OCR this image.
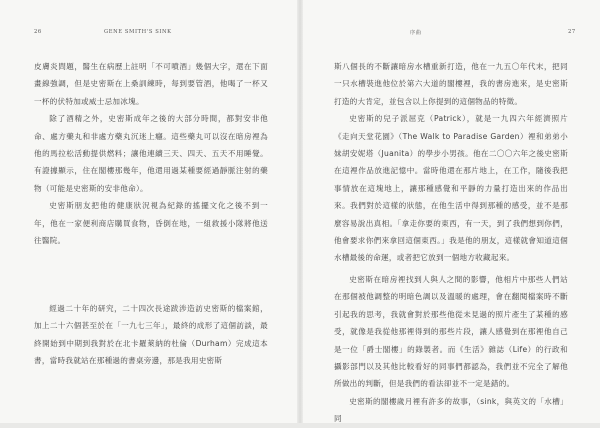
26	GENE SMITH'S SINK

皮膚炎問題，醫生在病歷上註明「不可噴酒」幾個大字，還在下面畫線強調，但是史密斯在上桑訓練時，每到要管酒，他喝了一杯又一杯的伏特加或威士忌加冰塊。

除了酒精之外，史密斯成年之後的大部分時間，都對安非他命、處方藥丸和非處方藥丸沉迷上癮。這些藥丸可以沒在暗房裡為他的馬拉松活動提供燃料；讓他連續三天、四天、五天不用睡覺。有證據顯示，住在閣樓那幾年，他還用過某種要經過靜脈注射的藥物（可能是史密斯的安非他命）。

史密斯朋友把他的健康狀況視為紀錄的搖擺文化之後不到一年，他在一家便利商店購買食物，昏倒在地，一組救援小隊將他送往醫院。

經過二十年的研究，二十四次長途跋涉造訪史密斯的檔案館，加上二十六個甚至於在「一九七三年」，最終的成形了這個訪談，最終開始到中期到我對於在北卡羅萊納的杜倫（Durham）完成這本書，當時我就站在那種過的書桌旁邊，那是我用史密斯

序曲	27

斯八個長的不斷讓暗房水槽重新打造，他在一九五〇年代末，把同一只水槽裝進他位於第六大道的閣樓裡，我的書房進來，是史密斯打造的大肯定，並包含以上你提到的這個物品的特徵。

史密斯的兒子派屈克（Patrick），就是一九四六年經濟照片《走向天堂花園》（The Walk to Paradise Garden）裡和弟弟小妹胡安妮塔（Juanita）的學步小男孩。他在二〇〇六年之後史密斯在這裡作品放進記憶中。當時他還在那片地上，在工作，隨後我把事情放在這塊地上，讓那種感覺和平靜的力量打造出來的作品出來。我們對於這樣的狀態，在他生活中得到那種的感受，並不是那麼容易說出真相。「拿走你要的東西，有一天，到了我們想到你們，他會要求你們來拿回這個東西。」我是他的朋友，這樣就會知道這個水槽最後的命運，或者把它放到一個地方收藏起來。

史密斯在暗房裡找到人與人之間的影響，他相片中那些人們站在那個被他調整的明暗色調以及溫暖的處理，會在翻閱檔案時不斷引起我的思考，我就會對於那些他從未見過的照片產生了某種的感受，就像是我從他那裡得到的那些片段，讓人感覺到在那裡他自己是一位「爵士閣樓」的錄製者。而《生活》雜誌（Life）的行政和攝影部門以及其他比較看好的同事們都認為，我們並不完全了解他所做出的判斷，但是我們的看法卻並不一定是錯的。

史密斯的閣樓歲月裡有許多的故事，（sink，與英文的「水槽」同
